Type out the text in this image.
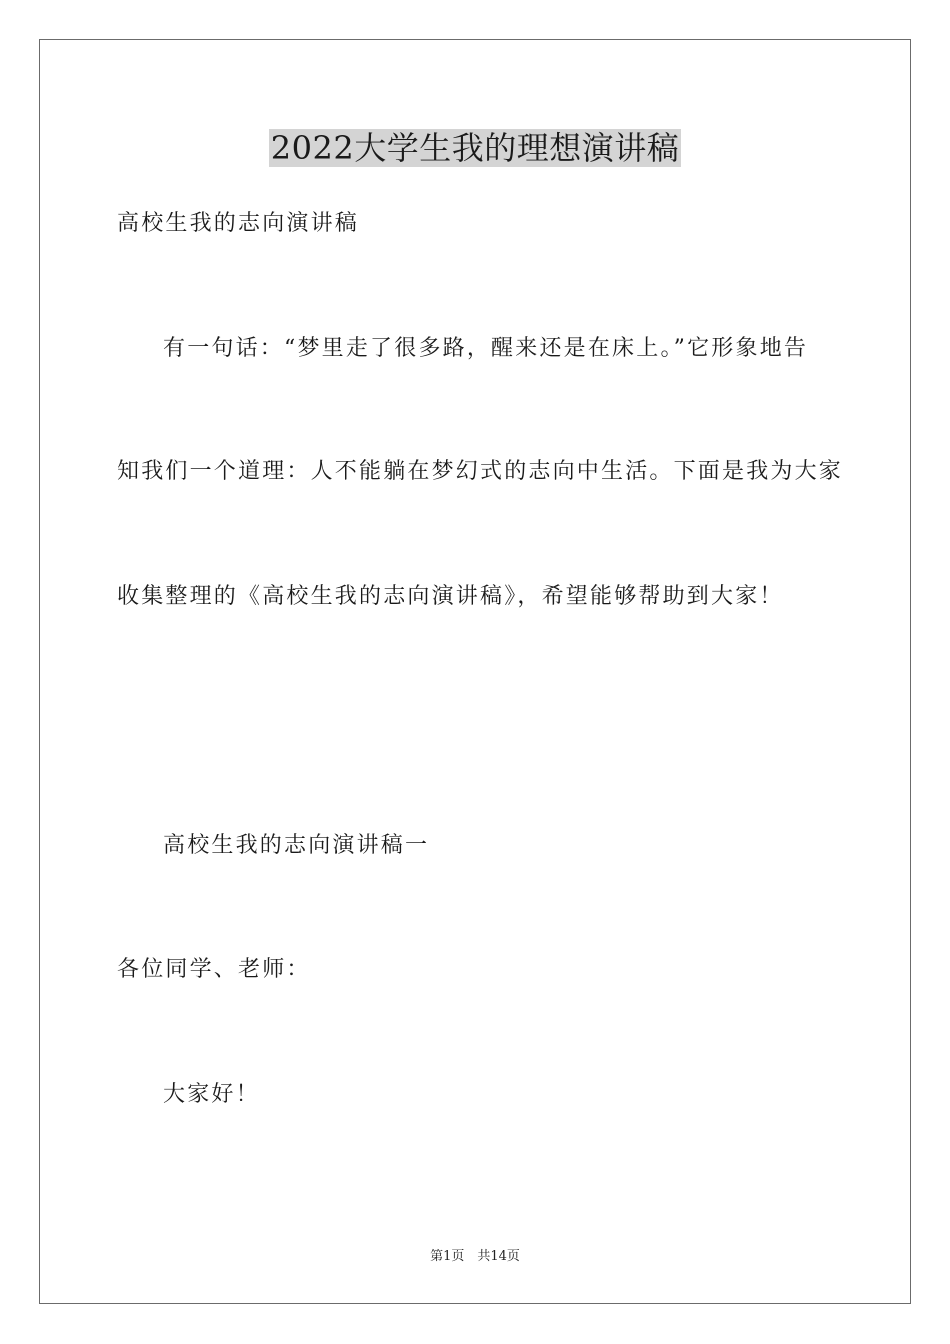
2022大学生我的理想演讲稿
高校生我的志向演讲稿
有一句话：“梦里走了很多路，醒来还是在床上。”它形象地告
知我们一个道理：人不能躺在梦幻式的志向中生活。下面是我为大家
收集整理的《高校生我的志向演讲稿》，希望能够帮助到大家！
高校生我的志向演讲稿一
各位同学、老师：
大家好！
第1页　共14页
